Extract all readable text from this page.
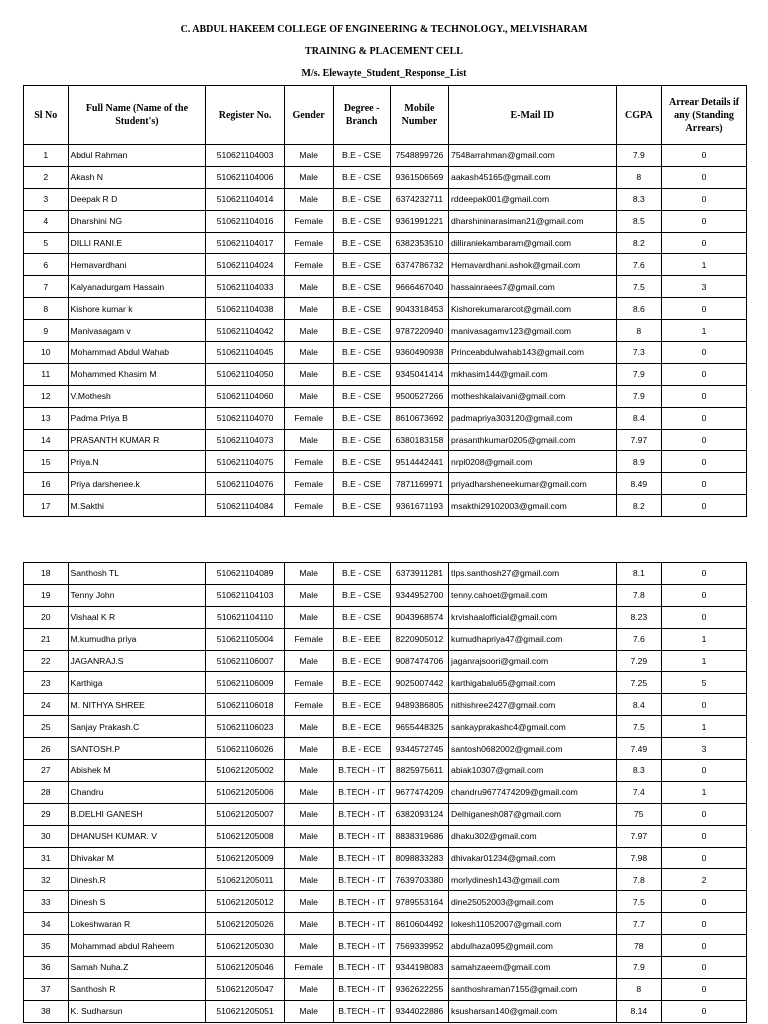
C. ABDUL HAKEEM COLLEGE OF ENGINEERING & TECHNOLOGY., MELVISHARAM
TRAINING & PLACEMENT CELL
M/s. Elewayte_Student_Response_List
Sl No	Full Name (Name of the Student's)	Register No.	Gender	Degree - Branch	Mobile Number	E-Mail ID	CGPA	Arrear Details if any (Standing Arrears)
1	Abdul Rahman	510621104003	Male	B.E - CSE	7548899726	7548arrahman@gmail.com	7.9	0
2	Akash N	510621104006	Male	B.E - CSE	9361506569	aakash45165@gmail.com	8	0
3	Deepak R D	510621104014	Male	B.E - CSE	6374232711	rddeepak001@gmail.com	8.3	0
4	Dharshini NG	510621104016	Female	B.E - CSE	9361991221	dharshininarasiman21@gmail.com	8.5	0
5	DILLI RANI.E	510621104017	Female	B.E - CSE	6382353510	dilliraniekambaram@gmail.com	8.2	0
6	Hemavardhani	510621104024	Female	B.E - CSE	6374786732	Hemavardhani.ashok@gmail.com	7.6	1
7	Kalyanadurgam Hassain	510621104033	Male	B.E - CSE	9666467040	hassainraees7@gmail.com	7.5	3
8	Kishore kumar k	510621104038	Male	B.E - CSE	9043318453	Kishorekumararcot@gmail.com	8.6	0
9	Manivasagam v	510621104042	Male	B.E - CSE	9787220940	manivasagamv123@gmail.com	8	1
10	Mohammad Abdul Wahab	510621104045	Male	B.E - CSE	9360490938	Princeabdulwahab143@gmail.com	7.3	0
11	Mohammed Khasim M	510621104050	Male	B.E - CSE	9345041414	mkhasim144@gmail.com	7.9	0
12	V.Mothesh	510621104060	Male	B.E - CSE	9500527266	motheshkalaivani@gmail.com	7.9	0
13	Padma Priya B	510621104070	Female	B.E - CSE	8610673692	padmapriya303120@gmail.com	8.4	0
14	PRASANTH KUMAR R	510621104073	Male	B.E - CSE	6380183158	prasanthkumar0205@gmail.com	7.97	0
15	Priya.N	510621104075	Female	B.E - CSE	9514442441	nrpl0208@gmail.com	8.9	0
16	Priya darshenee.k	510621104076	Female	B.E - CSE	7871169971	priyadharsheneekumar@gmail.com	8.49	0
17	M.Sakthi	510621104084	Female	B.E - CSE	9361671193	msakthi29102003@gmail.com	8.2	0
18	Santhosh TL	510621104089	Male	B.E - CSE	6373911281	tlps.santhosh27@gmail.com	8.1	0
19	Tenny John	510621104103	Male	B.E - CSE	9344952700	tenny.cahoet@gmail.com	7.8	0
20	Vishaal K R	510621104110	Male	B.E - CSE	9043968574	krvishaalofficial@gmail.com	8.23	0
21	M.kumudha priya	510621105004	Female	B.E - EEE	8220905012	kumudhapriya47@gmail.com	7.6	1
22	JAGANRAJ.S	510621106007	Male	B.E - ECE	9087474706	jaganrajsoori@gmail.com	7.29	1
23	Karthiga	510621106009	Female	B.E - ECE	9025007442	karthigabalu65@gmail.com	7.25	5
24	M. NITHYA SHREE	510621106018	Female	B.E - ECE	9489386805	nithishree2427@gmail.com	8.4	0
25	Sanjay Prakash.C	510621106023	Male	B.E - ECE	9655448325	sankayprakashc4@gmail.com	7.5	1
26	SANTOSH.P	510621106026	Male	B.E - ECE	9344572745	santosh0682002@gmail.com	7.49	3
27	Abishek M	510621205002	Male	B.TECH - IT	8825975611	abiak10307@gmail.com	8.3	0
28	Chandru	510621205006	Male	B.TECH - IT	9677474209	chandru9677474209@gmail.com	7.4	1
29	B.DELHI GANESH	510621205007	Male	B.TECH - IT	6382093124	Delhiganesh087@gmail.com	75	0
30	DHANUSH KUMAR. V	510621205008	Male	B.TECH - IT	8838319686	dhaku302@gmail.com	7.97	0
31	Dhivakar M	510621205009	Male	B.TECH - IT	8098833283	dhivakar01234@gmail.com	7.98	0
32	Dinesh.R	510621205011	Male	B.TECH - IT	7639703380	morlydinesh143@gmail.com	7.8	2
33	Dinesh S	510621205012	Male	B.TECH - IT	9789553164	dine25052003@gmail.com	7.5	0
34	Lokeshwaran R	510621205026	Male	B.TECH - IT	8610604492	lokesh11052007@gmail.com	7.7	0
35	Mohammad abdul Raheem	510621205030	Male	B.TECH - IT	7569339952	abdulhaza095@gmail.com	78	0
36	Samah Nuha.Z	510621205046	Female	B.TECH - IT	9344198083	samahzaeem@gmail.com	7.9	0
37	Santhosh R	510621205047	Male	B.TECH - IT	9362622255	santhoshraman7155@gmail.com	8	0
38	K. Sudharsun	510621205051	Male	B.TECH - IT	9344022886	ksusharsan140@gmail.com	8.14	0
